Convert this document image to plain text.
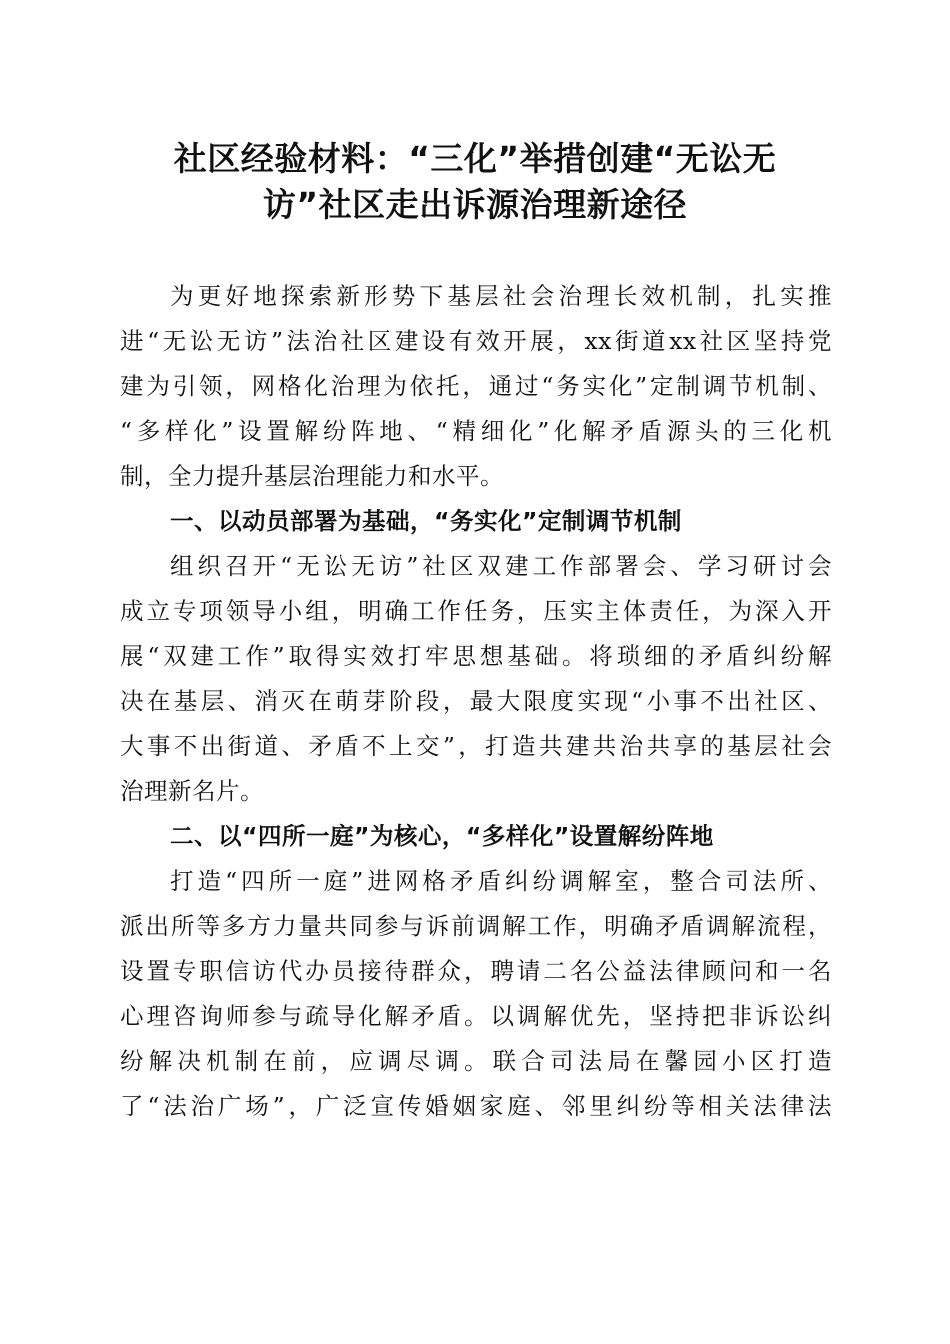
社区经验材料：“三化”举措创建“无讼无
访”社区走出诉源治理新途径
为更好地探索新形势下基层社会治理长效机制，扎实推
进“无讼无访”法治社区建设有效开展，xx街道xx社区坚持党
建为引领，网格化治理为依托，通过“务实化”定制调节机制、
“多样化”设置解纷阵地、“精细化”化解矛盾源头的三化机
制，全力提升基层治理能力和水平。
一、以动员部署为基础，“务实化”定制调节机制
组织召开“无讼无访”社区双建工作部署会、学习研讨会
成立专项领导小组，明确工作任务，压实主体责任，为深入开
展“双建工作”取得实效打牢思想基础。将琐细的矛盾纠纷解
决在基层、消灭在萌芽阶段，最大限度实现“小事不出社区、
大事不出街道、矛盾不上交”，打造共建共治共享的基层社会
治理新名片。
二、以“四所一庭”为核心，“多样化”设置解纷阵地
打造“四所一庭”进网格矛盾纠纷调解室，整合司法所、
派出所等多方力量共同参与诉前调解工作，明确矛盾调解流程，
设置专职信访代办员接待群众，聘请二名公益法律顾问和一名
心理咨询师参与疏导化解矛盾。以调解优先，坚持把非诉讼纠
纷解决机制在前，应调尽调。联合司法局在馨园小区打造
了“法治广场”，广泛宣传婚姻家庭、邻里纠纷等相关法律法
